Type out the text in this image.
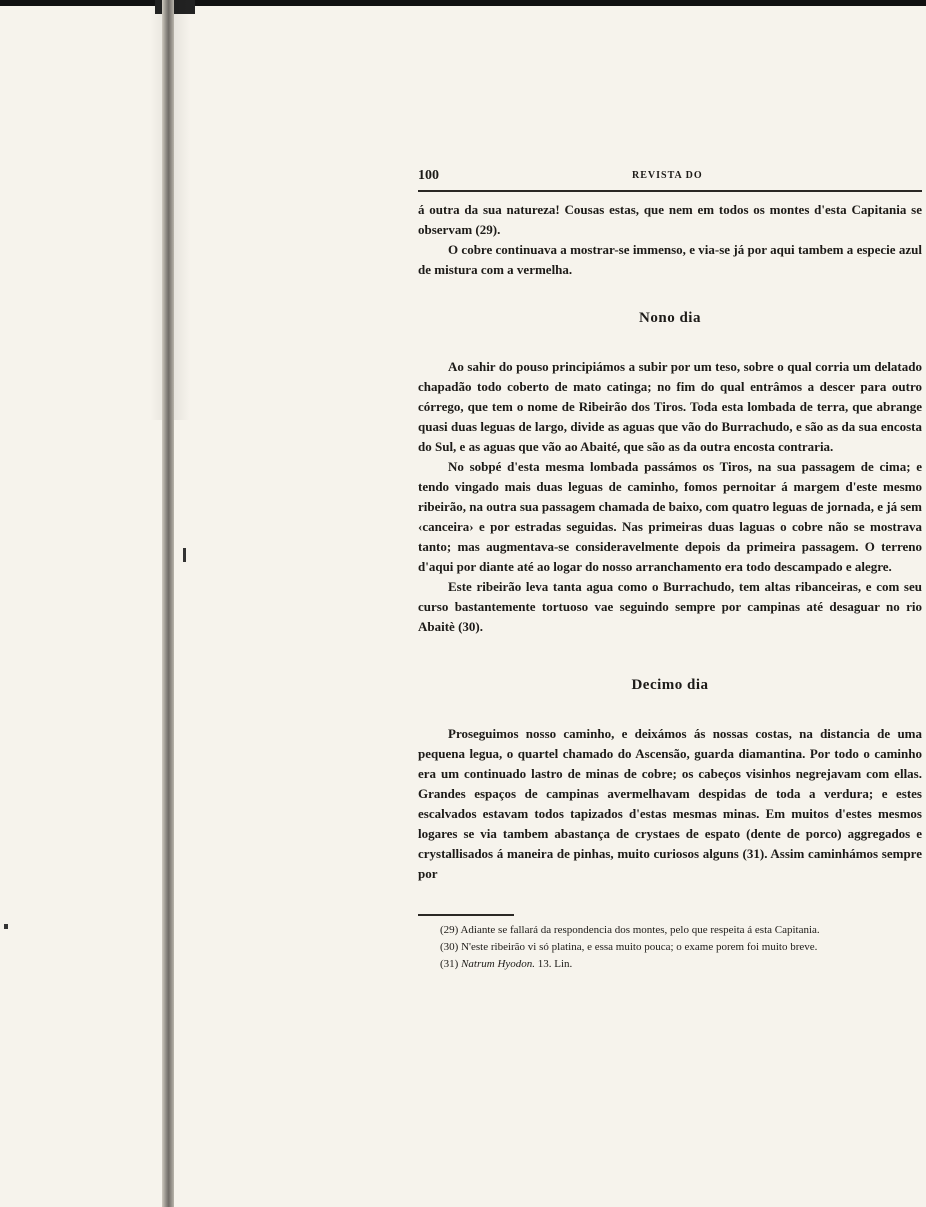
100	REVISTA DO

á outra da sua natureza! Cousas estas, que nem em todos os montes d'esta Capitania se observam (29).

O cobre continuava a mostrar-se immenso, e via-se já por aqui tambem a especie azul de mistura com a vermelha.

Nono dia

Ao sahir do pouso principiámos a subir por um teso, sobre o qual corria um delatado chapadão todo coberto de mato catinga; no fim do qual entrâmos a descer para outro córrego, que tem o nome de Ribeirão dos Tiros. Toda esta lombada de terra, que abrange quasi duas leguas de largo, divide as aguas que vão do Burrachudo, e são as da sua encosta do Sul, e as aguas que vão ao Abaité, que são as da outra encosta contraria.

No sobpé d'esta mesma lombada passámos os Tiros, na sua passagem de cima; e tendo vingado mais duas leguas de caminho, fomos pernoitar á margem d'este mesmo ribeirão, na outra sua passagem chamada de baixo, com quatro leguas de jornada, e já sem ‹canceira› e por estradas seguidas. Nas primeiras duas laguas o cobre não se mostrava tanto; mas augmentava-se consideravelmente depois da primeira passagem. O terreno d'aqui por diante até ao logar do nosso arranchamento era todo descampado e alegre.

Este ribeirão leva tanta agua como o Burrachudo, tem altas ribanceiras, e com seu curso bastantemente tortuoso vae seguindo sempre por campinas até desaguar no rio Abaitè (30).

Decimo dia

Proseguimos nosso caminho, e deixámos ás nossas costas, na distancia de uma pequena legua, o quartel chamado do Ascensão, guarda diamantina. Por todo o caminho era um continuado lastro de minas de cobre; os cabeços visinhos negrejavam com ellas. Grandes espaços de campinas avermelhavam despidas de toda a verdura; e estes escalvados estavam todos tapizados d'estas mesmas minas. Em muitos d'estes mesmos logares se via tambem abastança de crystaes de espato (dente de porco) aggregados e crystallisados á maneira de pinhas, muito curiosos alguns (31). Assim caminhámos sempre por

(29) Adiante se fallará da respondencia dos montes, pelo que respeita á esta Capitania.

(30) N'este ribeirão vi só platina, e essa muito pouca; o exame porem foi muito breve.

(31) Natrum Hyodon. 13. Lin.
